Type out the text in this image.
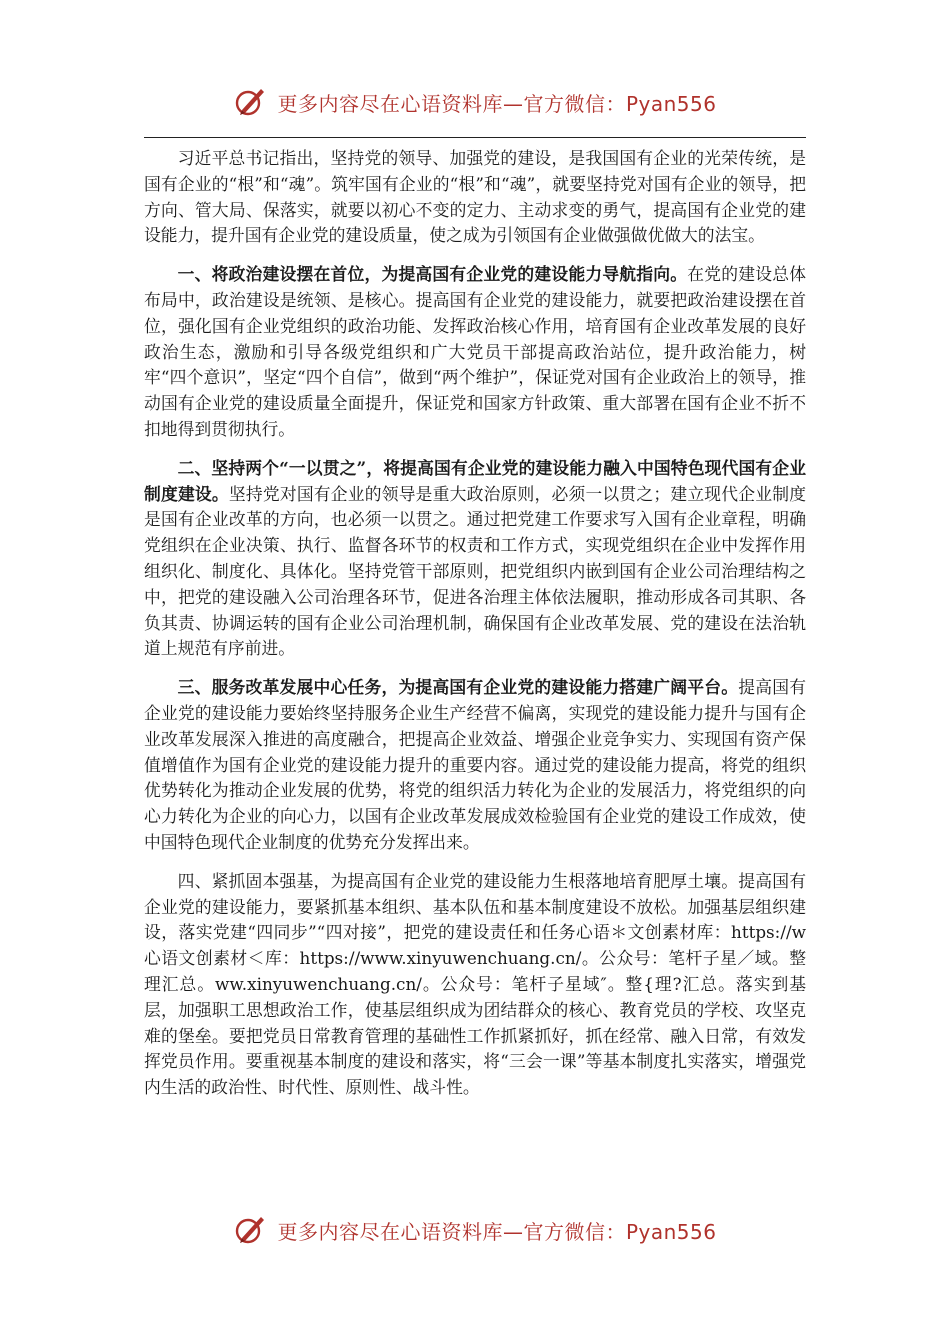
更多内容尽在心语资料库—官方微信：Pyan556

习近平总书记指出，坚持党的领导、加强党的建设，是我国国有企业的光荣传统，是国有企业的“根”和“魂”。筑牢国有企业的“根”和“魂”，就要坚持党对国有企业的领导，把方向、管大局、保落实，就要以初心不变的定力、主动求变的勇气，提高国有企业党的建设能力，提升国有企业党的建设质量，使之成为引领国有企业做强做优做大的法宝。

一、将政治建设摆在首位，为提高国有企业党的建设能力导航指向。在党的建设总体布局中，政治建设是统领、是核心。提高国有企业党的建设能力，就要把政治建设摆在首位，强化国有企业党组织的政治功能、发挥政治核心作用，培育国有企业改革发展的良好政治生态，激励和引导各级党组织和广大党员干部提高政治站位，提升政治能力，树牢“四个意识”，坚定“四个自信”，做到“两个维护”，保证党对国有企业政治上的领导，推动国有企业党的建设质量全面提升，保证党和国家方针政策、重大部署在国有企业不折不扣地得到贯彻执行。

二、坚持两个“一以贯之”，将提高国有企业党的建设能力融入中国特色现代国有企业制度建设。坚持党对国有企业的领导是重大政治原则，必须一以贯之；建立现代企业制度是国有企业改革的方向，也必须一以贯之。通过把党建工作要求写入国有企业章程，明确党组织在企业决策、执行、监督各环节的权责和工作方式，实现党组织在企业中发挥作用组织化、制度化、具体化。坚持党管干部原则，把党组织内嵌到国有企业公司治理结构之中，把党的建设融入公司治理各环节，促进各治理主体依法履职，推动形成各司其职、各负其责、协调运转的国有企业公司治理机制，确保国有企业改革发展、党的建设在法治轨道上规范有序前进。

三、服务改革发展中心任务，为提高国有企业党的建设能力搭建广阔平台。提高国有企业党的建设能力要始终坚持服务企业生产经营不偏离，实现党的建设能力提升与国有企业改革发展深入推进的高度融合，把提高企业效益、增强企业竞争实力、实现国有资产保值增值作为国有企业党的建设能力提升的重要内容。通过党的建设能力提高，将党的组织优势转化为推动企业发展的优势，将党的组织活力转化为企业的发展活力，将党组织的向心力转化为企业的向心力，以国有企业改革发展成效检验国有企业党的建设工作成效，使中国特色现代企业制度的优势充分发挥出来。

四、紧抓固本强基，为提高国有企业党的建设能力生根落地培育肥厚土壤。提高国有企业党的建设能力，要紧抓基本组织、基本队伍和基本制度建设不放松。加强基层组织建设，落实党建“四同步”“四对接”，把党的建设责任和任务心语＊文创素材库：https://w心语文创素材＜库：https://www.xinyuwenchuang.cn/。公众号：笔杆子星／域。整理汇总。ww.xinyuwenchuang.cn/。公众号：笔杆子星域″。整{理?汇总。落实到基层，加强职工思想政治工作，使基层组织成为团结群众的核心、教育党员的学校、攻坚克难的堡垒。要把党员日常教育管理的基础性工作抓紧抓好，抓在经常、融入日常，有效发挥党员作用。要重视基本制度的建设和落实，将“三会一课”等基本制度扎实落实，增强党内生活的政治性、时代性、原则性、战斗性。

更多内容尽在心语资料库—官方微信：Pyan556
